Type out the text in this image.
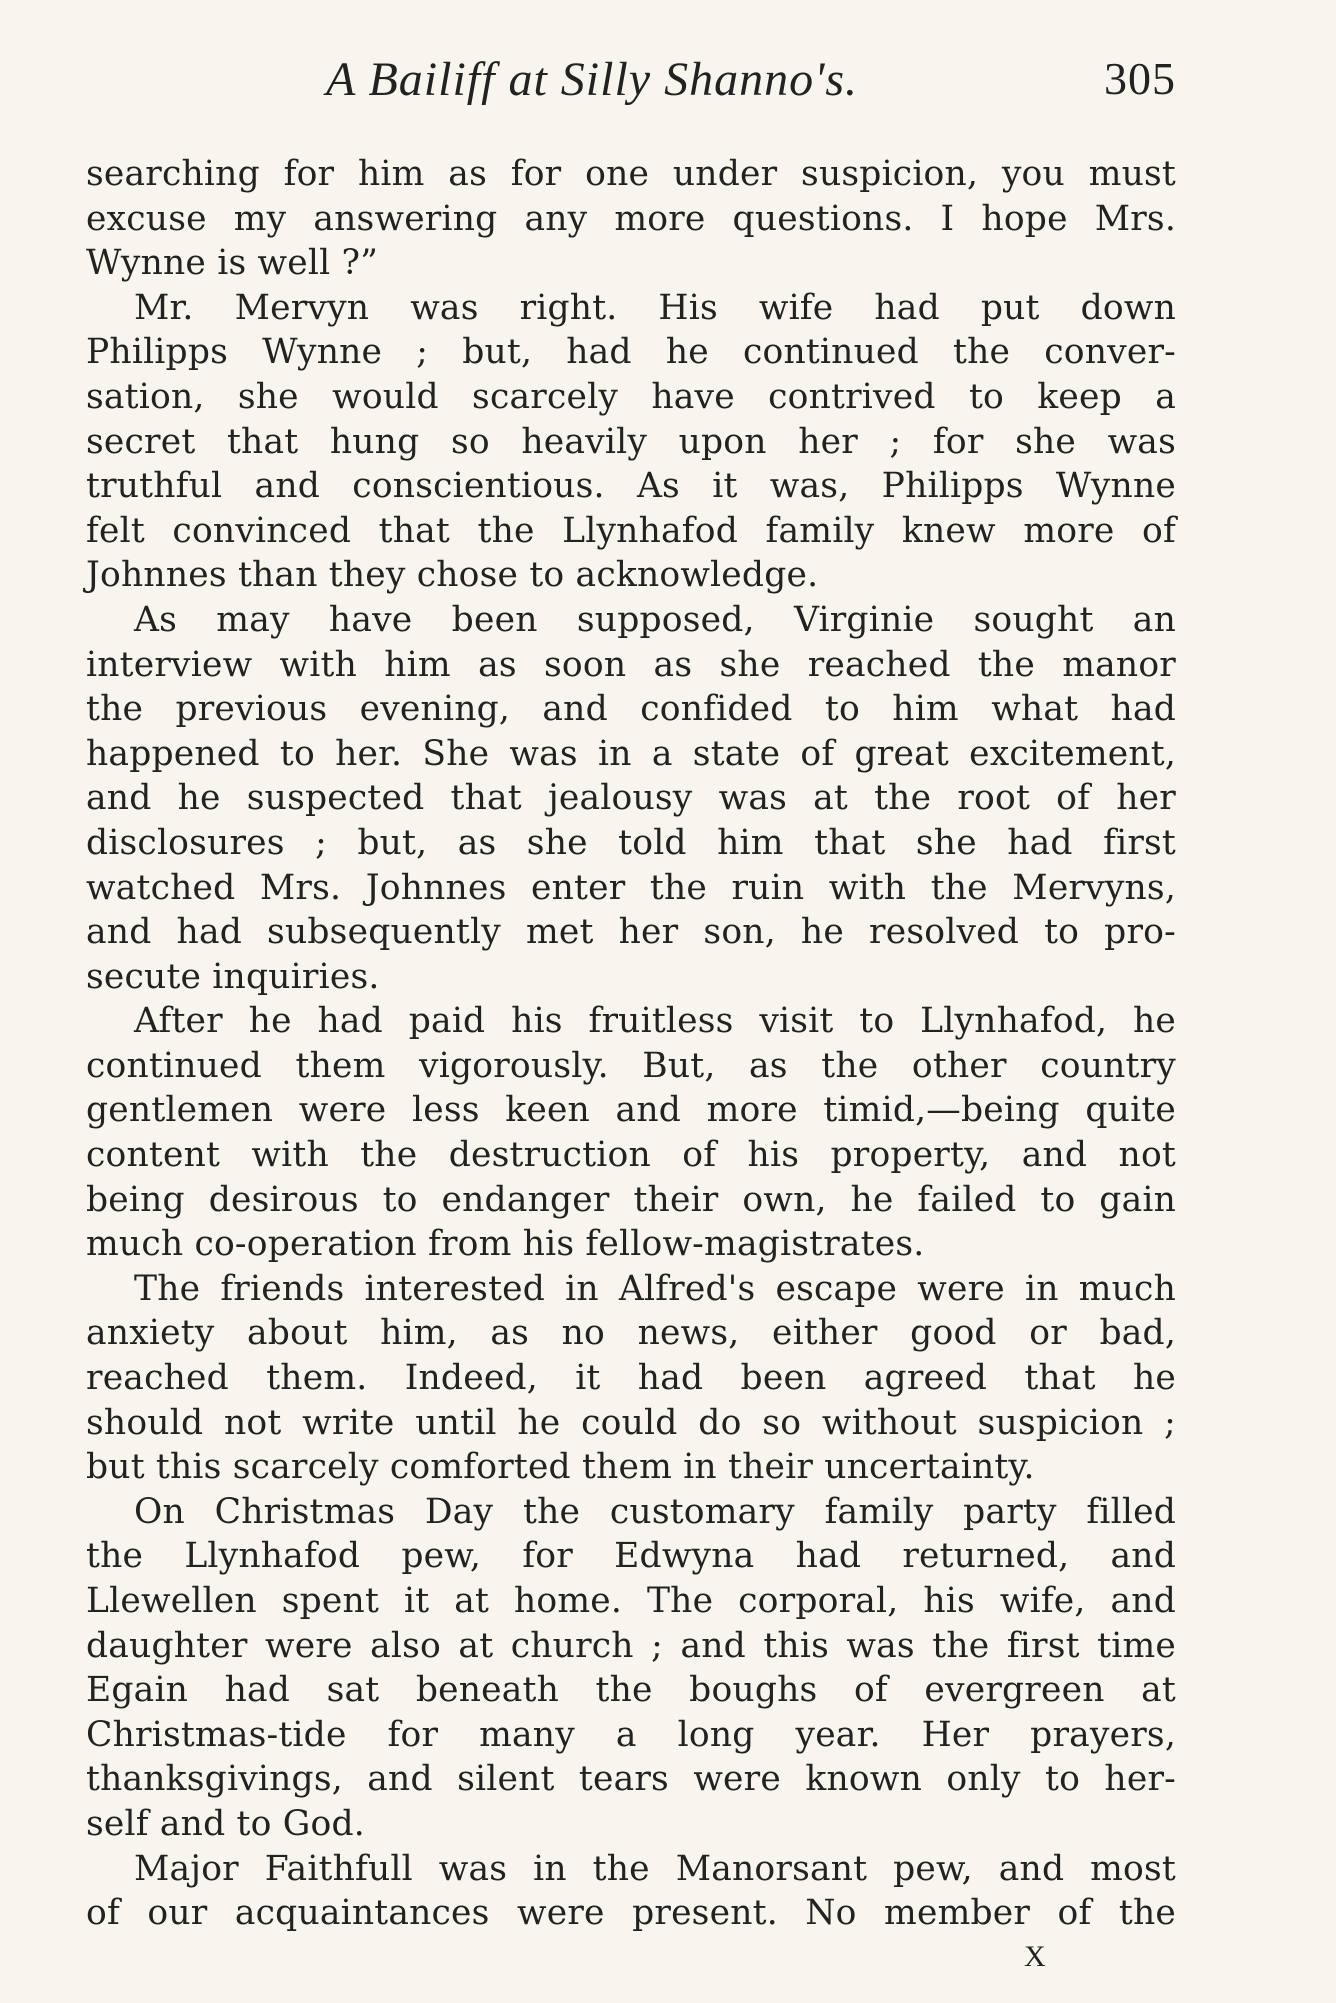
A Bailiff at Silly Shanno's.	305
searching for him as for one under suspicion, you must
excuse my answering any more questions. I hope Mrs.
Wynne is well ?”
Mr. Mervyn was right. His wife had put down
Philipps Wynne ; but, had he continued the conver-
sation, she would scarcely have contrived to keep a
secret that hung so heavily upon her ; for she was
truthful and conscientious. As it was, Philipps Wynne
felt convinced that the Llynhafod family knew more of
Johnnes than they chose to acknowledge.
As may have been supposed, Virginie sought an
interview with him as soon as she reached the manor
the previous evening, and confided to him what had
happened to her. She was in a state of great excitement,
and he suspected that jealousy was at the root of her
disclosures ; but, as she told him that she had first
watched Mrs. Johnnes enter the ruin with the Mervyns,
and had subsequently met her son, he resolved to pro-
secute inquiries.
After he had paid his fruitless visit to Llynhafod, he
continued them vigorously. But, as the other country
gentlemen were less keen and more timid,—being quite
content with the destruction of his property, and not
being desirous to endanger their own, he failed to gain
much co-operation from his fellow-magistrates.
The friends interested in Alfred's escape were in much
anxiety about him, as no news, either good or bad,
reached them. Indeed, it had been agreed that he
should not write until he could do so without suspicion ;
but this scarcely comforted them in their uncertainty.
On Christmas Day the customary family party filled
the Llynhafod pew, for Edwyna had returned, and
Llewellen spent it at home. The corporal, his wife, and
daughter were also at church ; and this was the first time
Egain had sat beneath the boughs of evergreen at
Christmas-tide for many a long year. Her prayers,
thanksgivings, and silent tears were known only to her-
self and to God.
Major Faithfull was in the Manorsant pew, and most
of our acquaintances were present. No member of the
X
